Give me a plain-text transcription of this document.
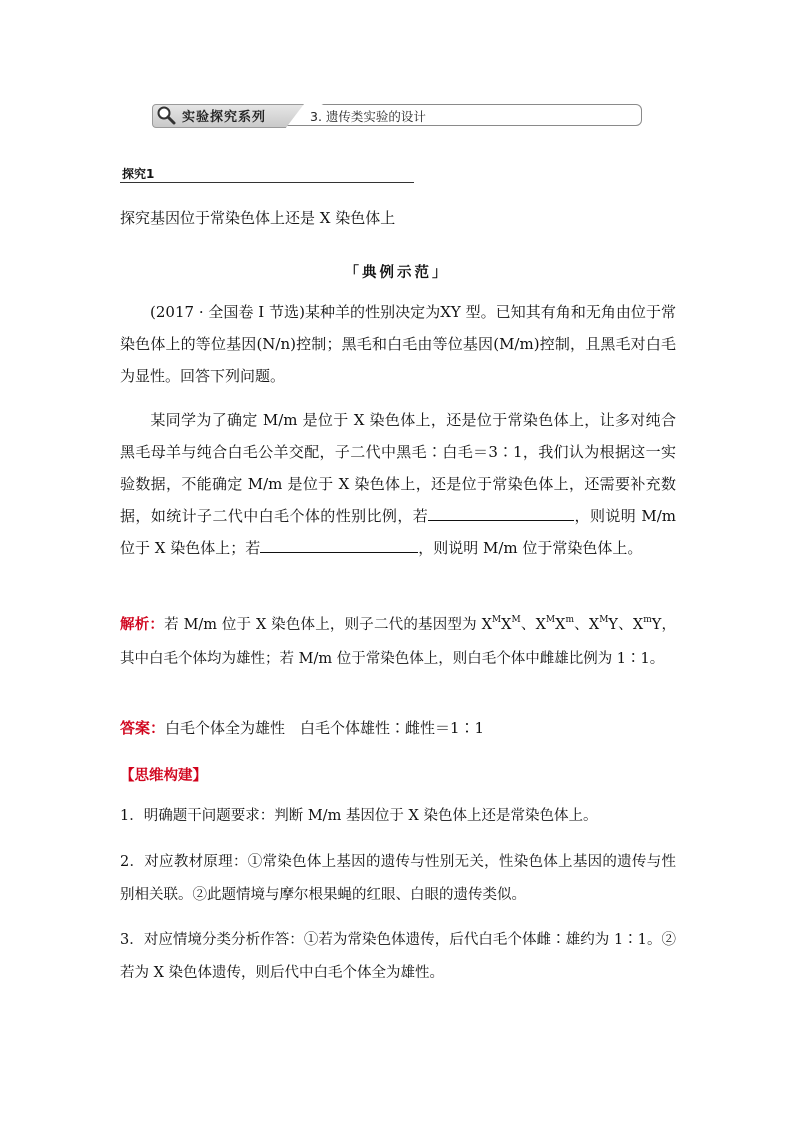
实验探究系列	3. 遗传类实验的设计
探究1
探究基因位于常染色体上还是 X 染色体上
「典例示范」
(2017 · 全国卷 Ⅰ 节选)某种羊的性别决定为XY 型。已知其有角和无角由位于常染色体上的等位基因(N/n)控制；黑毛和白毛由等位基因(M/m)控制，且黑毛对白毛为显性。回答下列问题。
某同学为了确定 M/m 是位于 X 染色体上，还是位于常染色体上，让多对纯合黑毛母羊与纯合白毛公羊交配，子二代中黑毛∶白毛＝3∶1，我们认为根据这一实验数据，不能确定 M/m 是位于 X 染色体上，还是位于常染色体上，还需要补充数据，如统计子二代中白毛个体的性别比例，若	，则说明 M/m 位于 X 染色体上；若	，则说明 M/m 位于常染色体上。
解析：若 M/m 位于 X 染色体上，则子二代的基因型为 $X^MX^M$、$X^MX^m$、$X^MY$、$X^mY$，其中白毛个体均为雄性；若 M/m 位于常染色体上，则白毛个体中雌雄比例为 1∶1。
答案：白毛个体全为雄性　白毛个体雄性∶雌性＝1∶1
【思维构建】
1．明确题干问题要求：判断 M/m 基因位于 X 染色体上还是常染色体上。
2．对应教材原理：①常染色体上基因的遗传与性别无关，性染色体上基因的遗传与性别相关联。②此题情境与摩尔根果蝇的红眼、白眼的遗传类似。
3．对应情境分类分析作答：①若为常染色体遗传，后代白毛个体雌∶雄约为 1∶1。②若为 X 染色体遗传，则后代中白毛个体全为雄性。
